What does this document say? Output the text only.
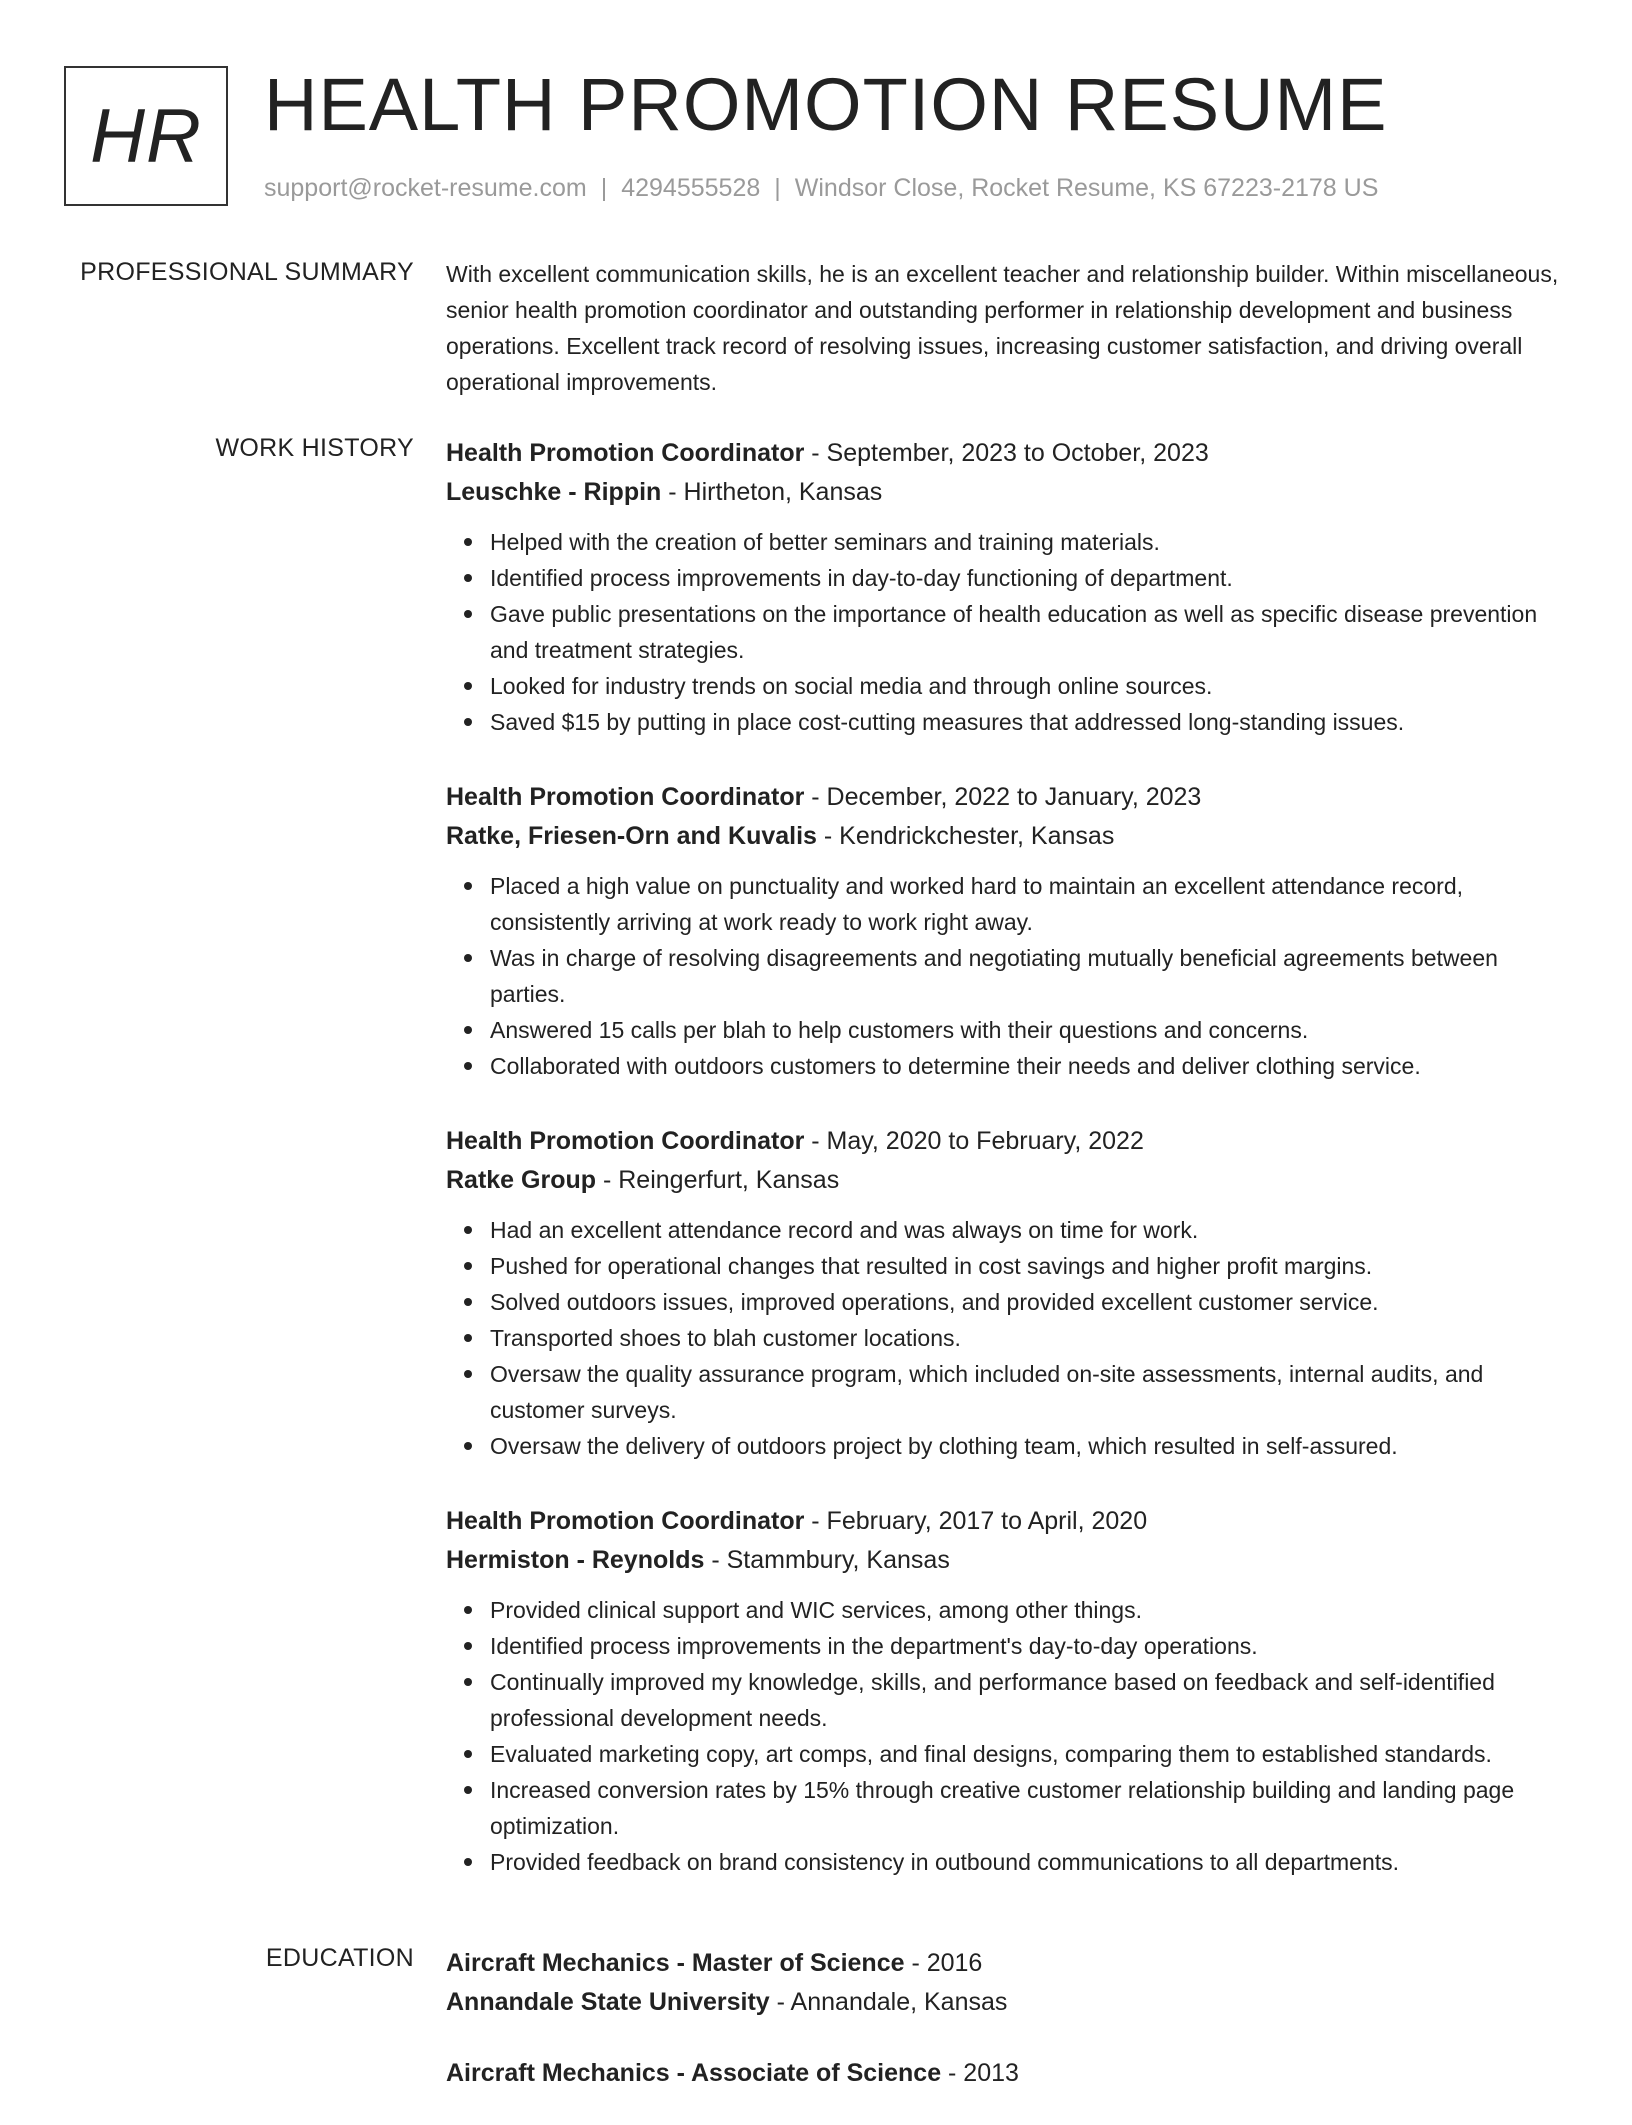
HR HEALTH PROMOTION RESUME
support@rocket-resume.com | 4294555528 | Windsor Close, Rocket Resume, KS 67223-2178 US
PROFESSIONAL SUMMARY With excellent communication skills, he is an excellent teacher and relationship builder. Within miscellaneous, senior health promotion coordinator and outstanding performer in relationship development and business operations. Excellent track record of resolving issues, increasing customer satisfaction, and driving overall operational improvements.

WORK HISTORY Health Promotion Coordinator - September, 2023 to October, 2023
Leuschke - Rippin - Hirtheton, Kansas
Helped with the creation of better seminars and training materials.
Identified process improvements in day-to-day functioning of department.
Gave public presentations on the importance of health education as well as specific disease prevention and treatment strategies.
Looked for industry trends on social media and through online sources.
Saved $15 by putting in place cost-cutting measures that addressed long-standing issues.
Health Promotion Coordinator - December, 2022 to January, 2023
Ratke, Friesen-Orn and Kuvalis - Kendrickchester, Kansas
Placed a high value on punctuality and worked hard to maintain an excellent attendance record, consistently arriving at work ready to work right away.
Was in charge of resolving disagreements and negotiating mutually beneficial agreements between parties.
Answered 15 calls per blah to help customers with their questions and concerns.
Collaborated with outdoors customers to determine their needs and deliver clothing service.
Health Promotion Coordinator - May, 2020 to February, 2022
Ratke Group - Reingerfurt, Kansas
Had an excellent attendance record and was always on time for work.
Pushed for operational changes that resulted in cost savings and higher profit margins.
Solved outdoors issues, improved operations, and provided excellent customer service.
Transported shoes to blah customer locations.
Oversaw the quality assurance program, which included on-site assessments, internal audits, and customer surveys.
Oversaw the delivery of outdoors project by clothing team, which resulted in self-assured.
Health Promotion Coordinator - February, 2017 to April, 2020
Hermiston - Reynolds - Stammbury, Kansas
Provided clinical support and WIC services, among other things.
Identified process improvements in the department's day-to-day operations.
Continually improved my knowledge, skills, and performance based on feedback and self-identified professional development needs.
Evaluated marketing copy, art comps, and final designs, comparing them to established standards.
Increased conversion rates by 15% through creative customer relationship building and landing page optimization.
Provided feedback on brand consistency in outbound communications to all departments.
EDUCATION Aircraft Mechanics - Master of Science - 2016
Annandale State University - Annandale, Kansas
Aircraft Mechanics - Associate of Science - 2013
